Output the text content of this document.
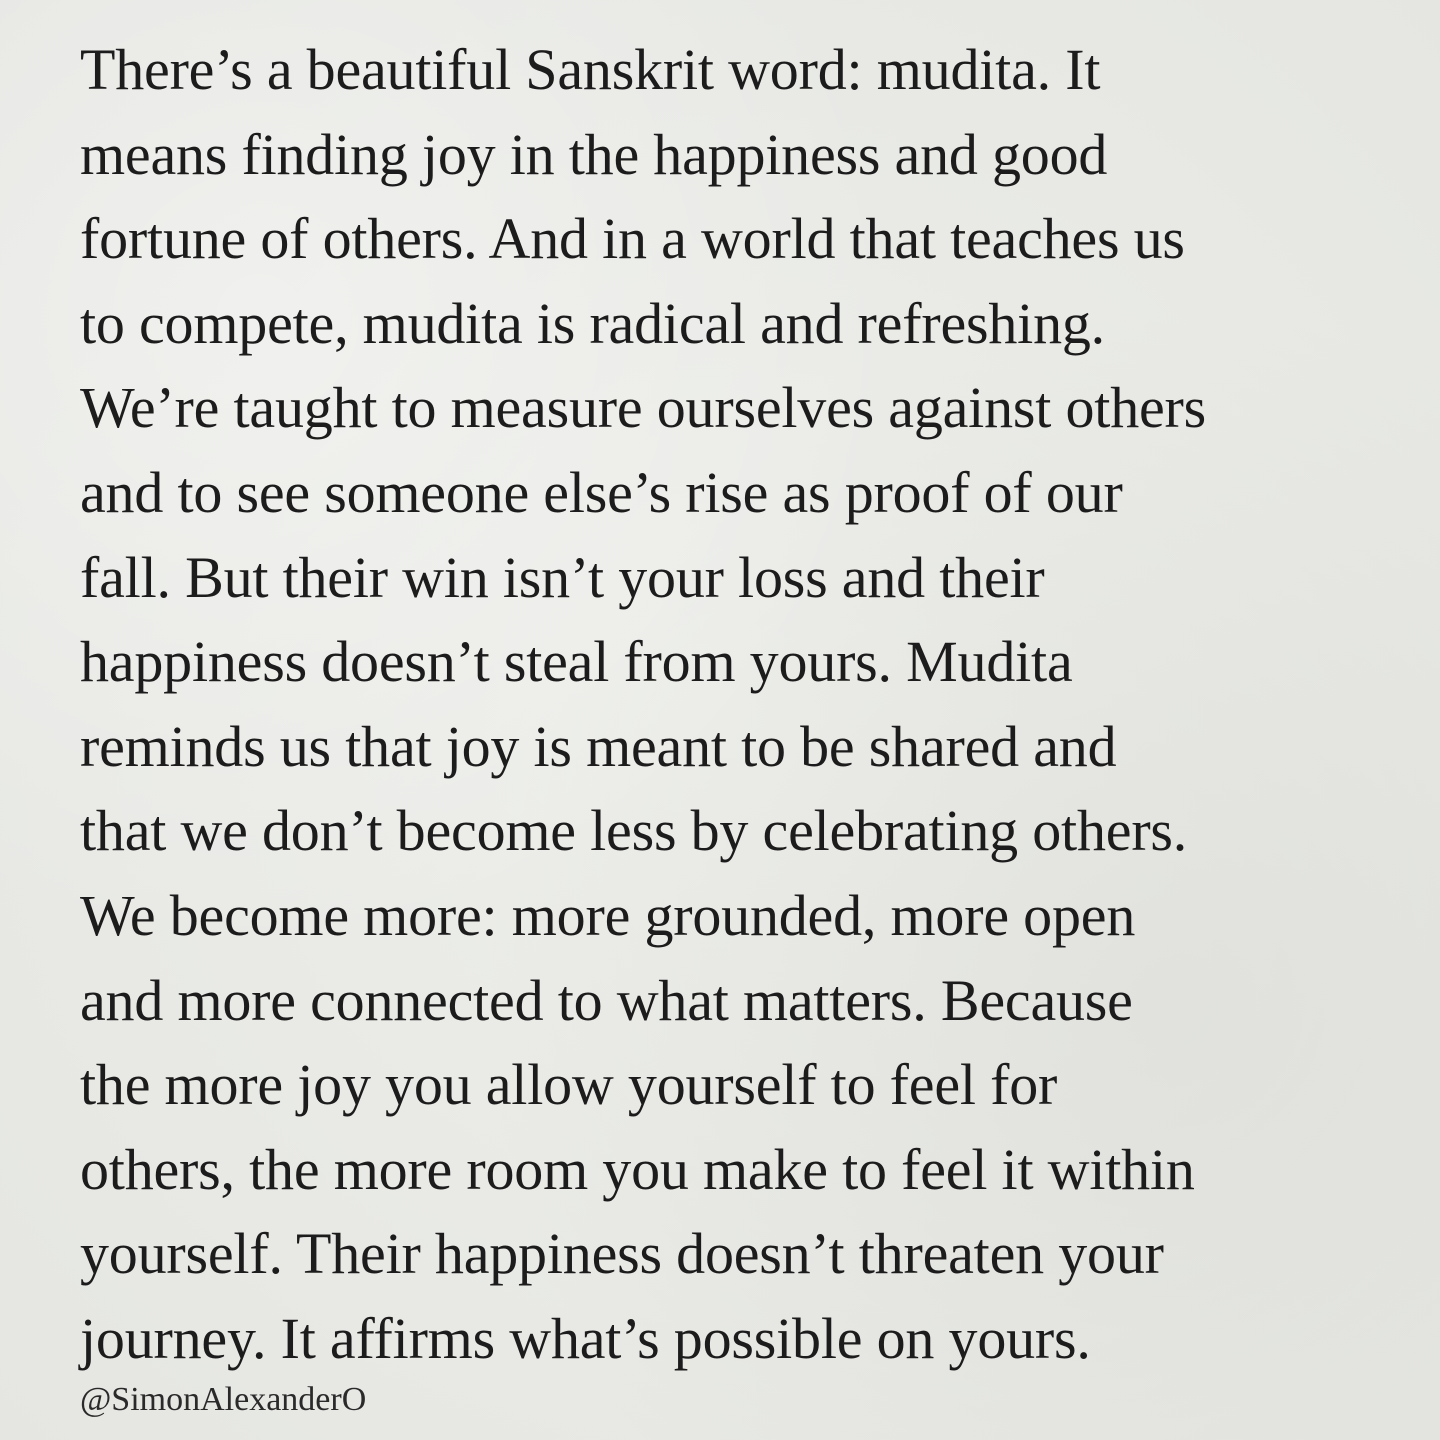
There’s a beautiful Sanskrit word: mudita. It
means finding joy in the happiness and good
fortune of others. And in a world that teaches us
to compete, mudita is radical and refreshing.
We’re taught to measure ourselves against others
and to see someone else’s rise as proof of our
fall. But their win isn’t your loss and their
happiness doesn’t steal from yours. Mudita
reminds us that joy is meant to be shared and
that we don’t become less by celebrating others.
We become more: more grounded, more open
and more connected to what matters. Because
the more joy you allow yourself to feel for
others, the more room you make to feel it within
yourself. Their happiness doesn’t threaten your
journey. It affirms what’s possible on yours.
@SimonAlexanderO
